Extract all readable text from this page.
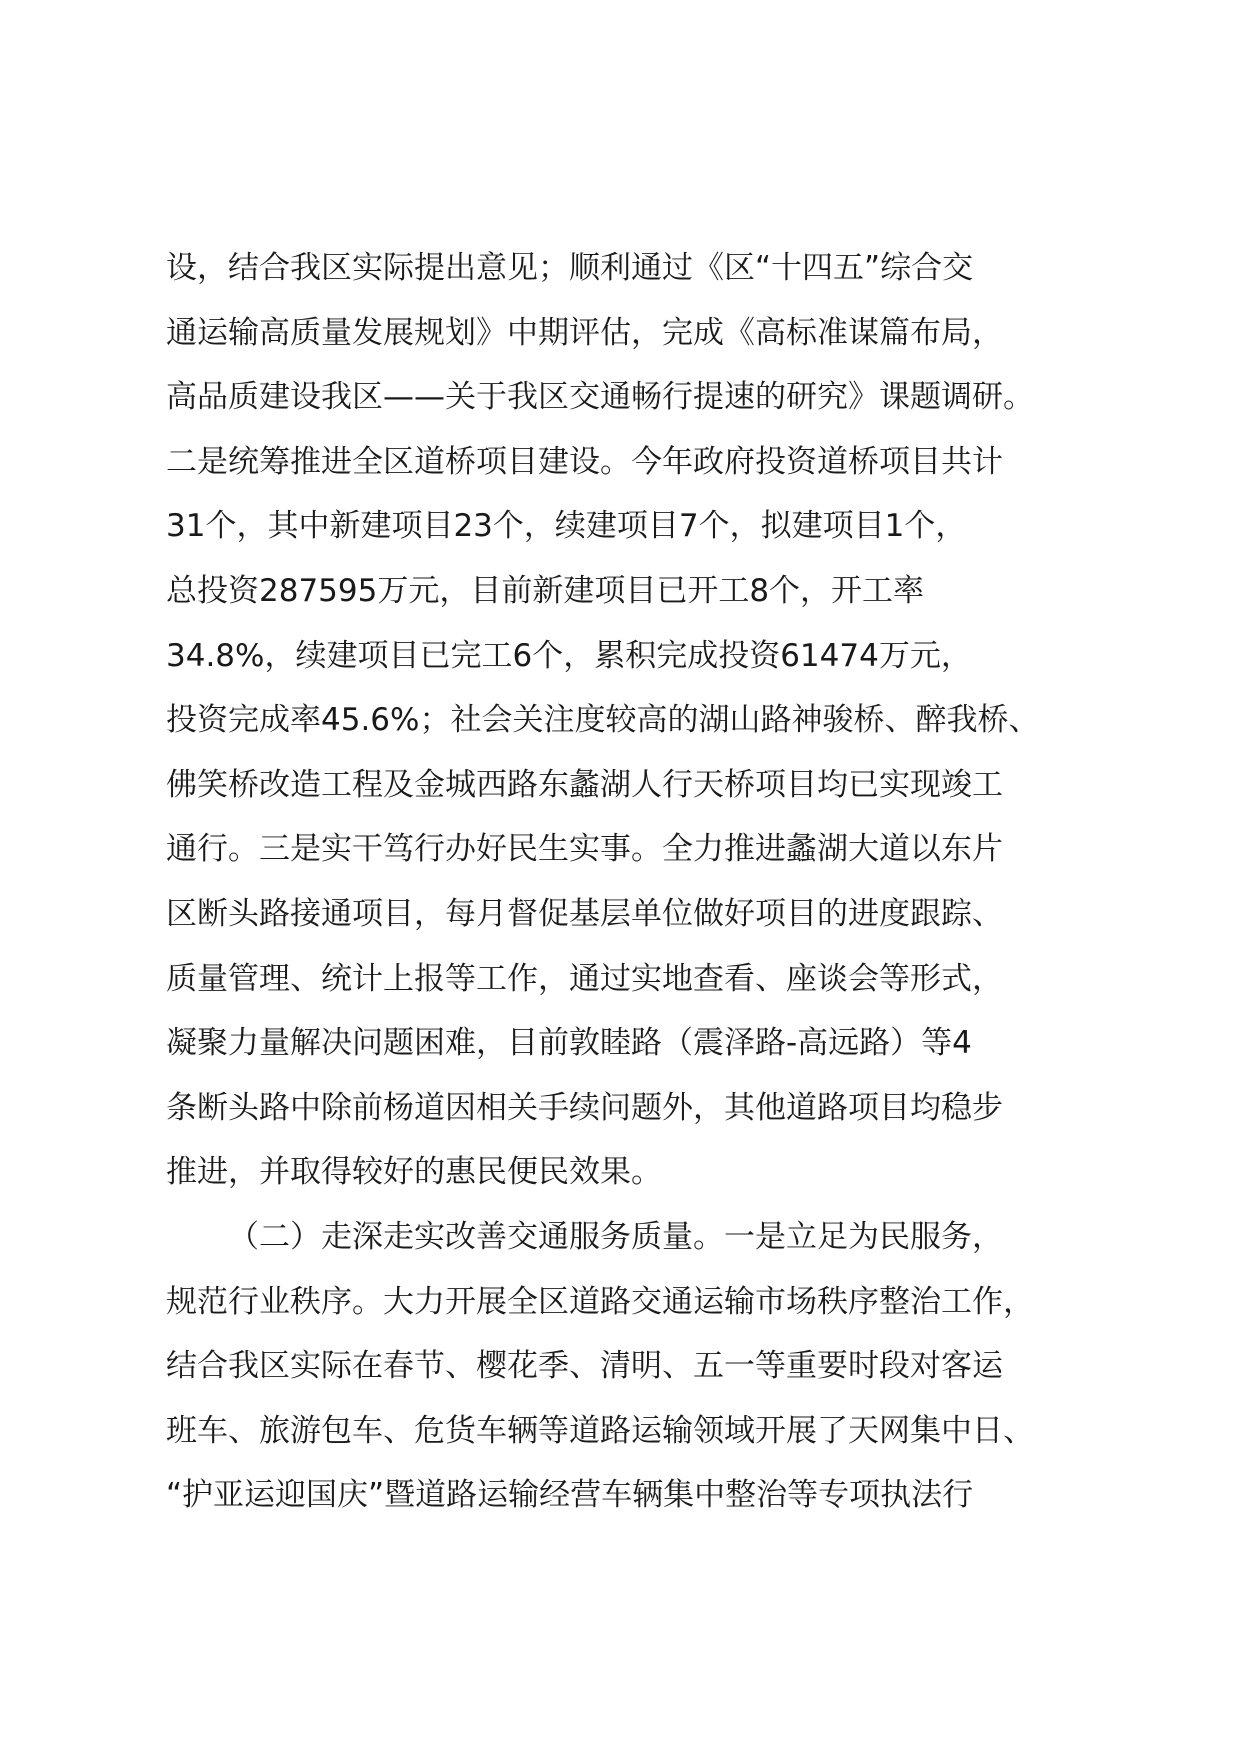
设，结合我区实际提出意见；顺利通过《区“十四五”综合交

通运输高质量发展规划》中期评估，完成《高标准谋篇布局，

高品质建设我区——关于我区交通畅行提速的研究》课题调研。

二是统筹推进全区道桥项目建设。今年政府投资道桥项目共计

31个，其中新建项目23个，续建项目7个，拟建项目1个，

总投资287595万元，目前新建项目已开工8个，开工率

34.8%，续建项目已完工6个，累积完成投资61474万元，

投资完成率45.6%；社会关注度较高的湖山路神骏桥、醉我桥、

佛笑桥改造工程及金城西路东蠡湖人行天桥项目均已实现竣工

通行。三是实干笃行办好民生实事。全力推进蠡湖大道以东片

区断头路接通项目，每月督促基层单位做好项目的进度跟踪、

质量管理、统计上报等工作，通过实地查看、座谈会等形式，

凝聚力量解决问题困难，目前敦睦路（震泽路-高远路）等4

条断头路中除前杨道因相关手续问题外，其他道路项目均稳步

推进，并取得较好的惠民便民效果。

（二）走深走实改善交通服务质量。一是立足为民服务，

规范行业秩序。大力开展全区道路交通运输市场秩序整治工作，

结合我区实际在春节、樱花季、清明、五一等重要时段对客运

班车、旅游包车、危货车辆等道路运输领域开展了天网集中日、

“护亚运迎国庆”暨道路运输经营车辆集中整治等专项执法行
